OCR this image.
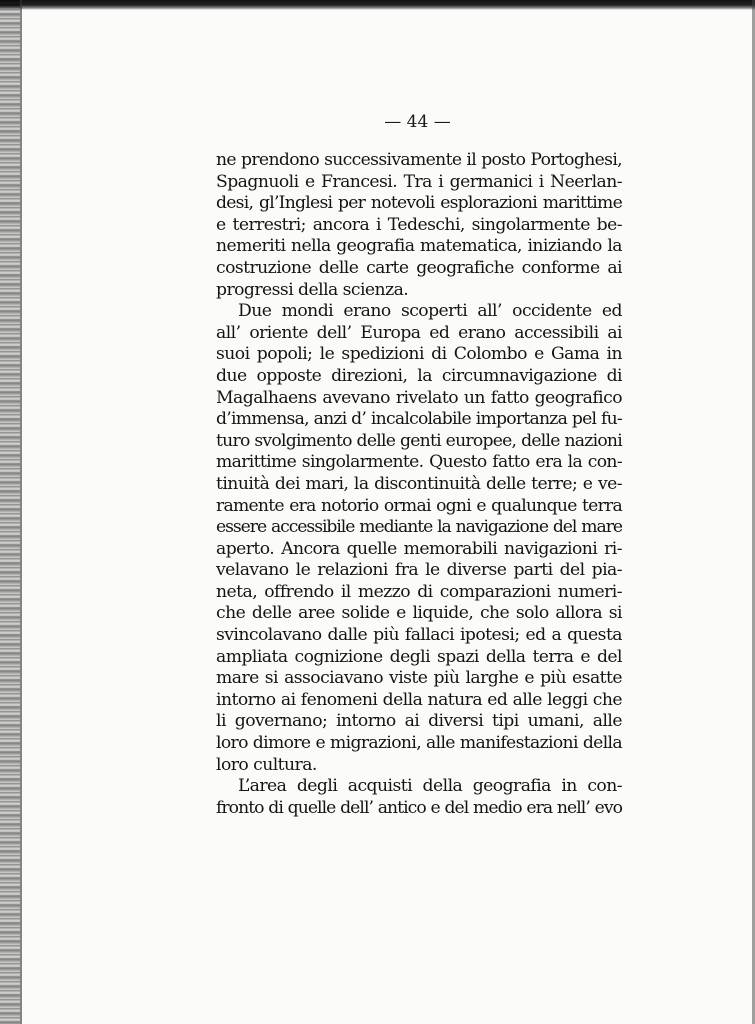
— 44 —
ne prendono successivamente il posto Portoghesi,
Spagnuoli e Francesi. Tra i germanici i Neerlan-
desi, gl’Inglesi per notevoli esplorazioni marittime
e terrestri; ancora i Tedeschi, singolarmente be-
nemeriti nella geografia matematica, iniziando la
costruzione delle carte geografiche conforme ai
progressi della scienza.
Due mondi erano scoperti all’ occidente ed
all’ oriente dell’ Europa ed erano accessibili ai
suoi popoli; le spedizioni di Colombo e Gama in
due opposte direzioni, la circumnavigazione di
Magalhaens avevano rivelato un fatto geografico
d’immensa, anzi d’ incalcolabile importanza pel fu-
turo svolgimento delle genti europee, delle nazioni
marittime singolarmente. Questo fatto era la con-
tinuità dei mari, la discontinuità delle terre; e ve-
ramente era notorio ormai ogni e qualunque terra
essere accessibile mediante la navigazione del mare
aperto. Ancora quelle memorabili navigazioni ri-
velavano le relazioni fra le diverse parti del pia-
neta, offrendo il mezzo di comparazioni numeri-
che delle aree solide e liquide, che solo allora si
svincolavano dalle più fallaci ipotesi; ed a questa
ampliata cognizione degli spazi della terra e del
mare si associavano viste più larghe e più esatte
intorno ai fenomeni della natura ed alle leggi che
li governano; intorno ai diversi tipi umani, alle
loro dimore e migrazioni, alle manifestazioni della
loro cultura.
L’area degli acquisti della geografia in con-
fronto di quelle dell’ antico e del medio era nell’ evo
